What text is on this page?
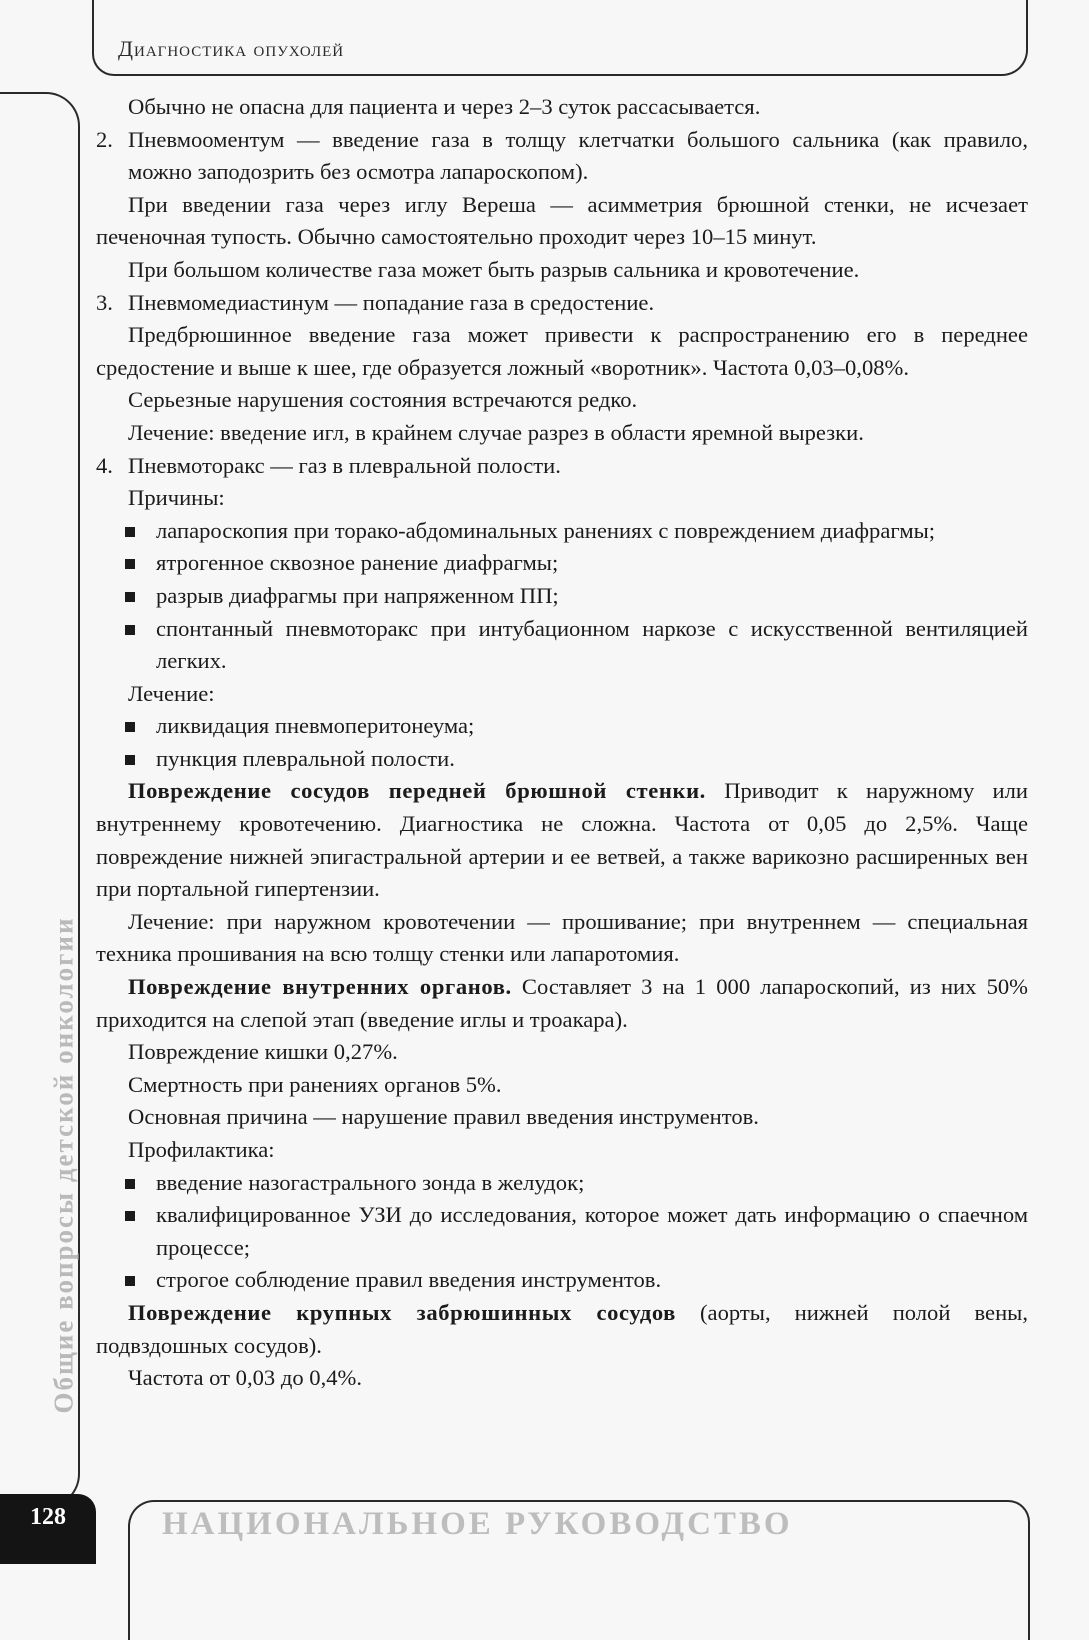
Диагностика опухолей
Общие вопросы детской онкологии
128	НАЦИОНАЛЬНОЕ РУКОВОДСТВО

Обычно не опасна для пациента и через 2–3 суток рассасывается.

2. Пневмооментум — введение газа в толщу клетчатки большого сальника (как правило, можно заподозрить без осмотра лапароскопом).

При введении газа через иглу Вереша — асимметрия брюшной стенки, не исчезает печеночная тупость. Обычно самостоятельно проходит через 10–15 минут.

При большом количестве газа может быть разрыв сальника и кровотечение.

3. Пневмомедиастинум — попадание газа в средостение.

Предбрюшинное введение газа может привести к распространению его в переднее средостение и выше к шее, где образуется ложный «воротник». Частота 0,03–0,08%.

Серьезные нарушения состояния встречаются редко.

Лечение: введение игл, в крайнем случае разрез в области яремной вырезки.

4. Пневмоторакс — газ в плевральной полости.

Причины:

лапароскопия при торако-абдоминальных ранениях с повреждением диафрагмы;

ятрогенное сквозное ранение диафрагмы;

разрыв диафрагмы при напряженном ПП;

спонтанный пневмоторакс при интубационном наркозе с искусственной вентиляцией легких.

Лечение:

ликвидация пневмоперитонеума;

пункция плевральной полости.

Повреждение сосудов передней брюшной стенки. Приводит к наружному или внутреннему кровотечению. Диагностика не сложна. Частота от 0,05 до 2,5%. Чаще повреждение нижней эпигастральной артерии и ее ветвей, а также варикозно расширенных вен при портальной гипертензии.

Лечение: при наружном кровотечении — прошивание; при внутреннем — специальная техника прошивания на всю толщу стенки или лапаротомия.

Повреждение внутренних органов. Составляет 3 на 1 000 лапароскопий, из них 50% приходится на слепой этап (введение иглы и троакара).

Повреждение кишки 0,27%.

Смертность при ранениях органов 5%.

Основная причина — нарушение правил введения инструментов.

Профилактика:

введение назогастрального зонда в желудок;

квалифицированное УЗИ до исследования, которое может дать информацию о спаечном процессе;

строгое соблюдение правил введения инструментов.

Повреждение крупных забрюшинных сосудов (аорты, нижней полой вены, подвздошных сосудов).

Частота от 0,03 до 0,4%.
